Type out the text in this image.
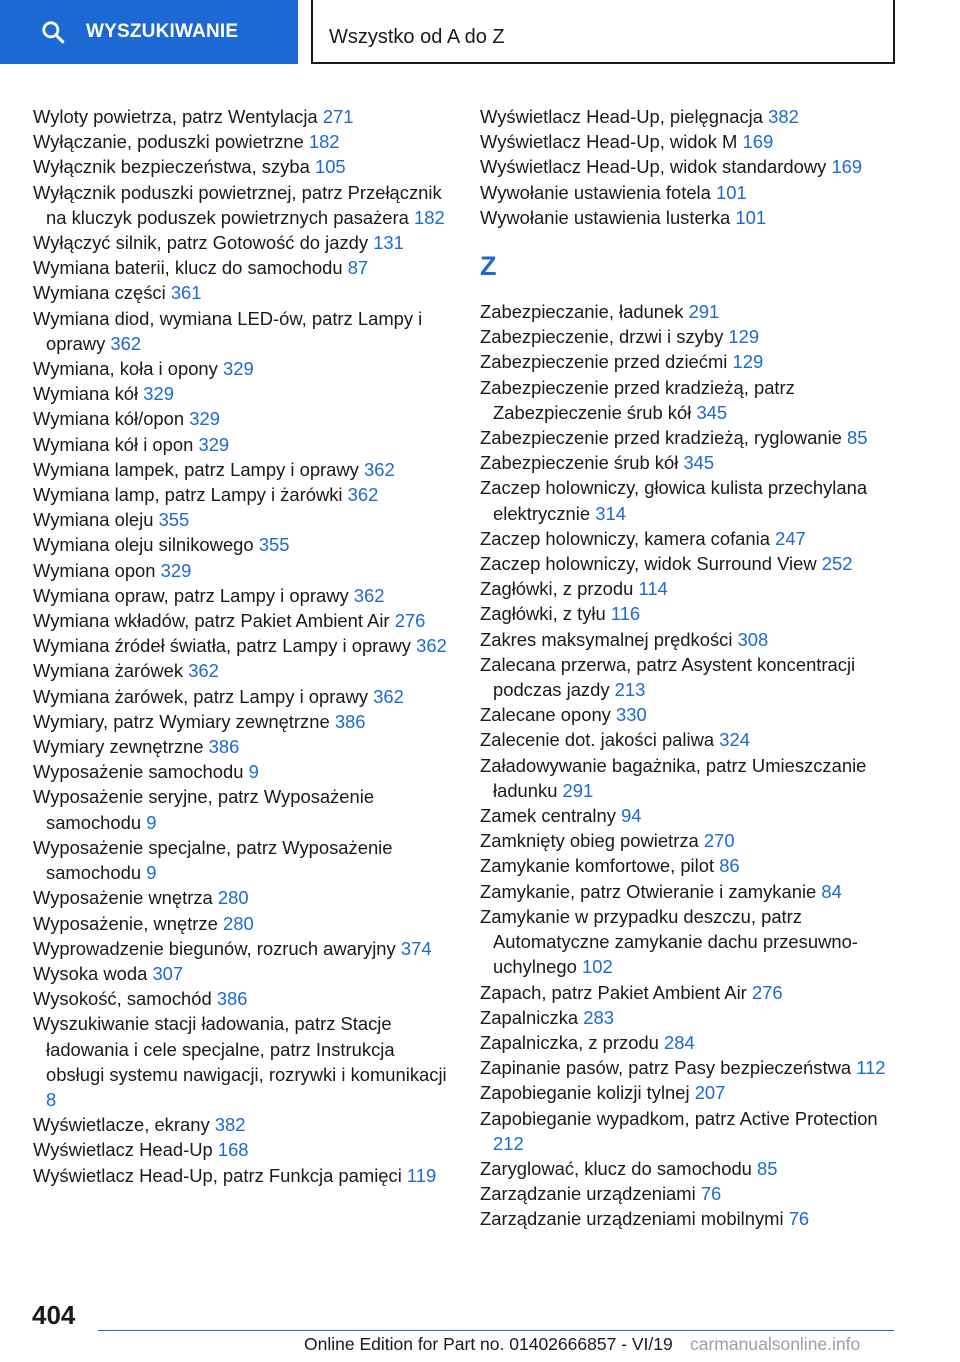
WYSZUKIWANIE	Wszystko od A do Z
Wyloty powietrza, patrz Wentylacja 271
Wyłączanie, poduszki powietrzne 182
Wyłącznik bezpieczeństwa, szyba 105
Wyłącznik poduszki powietrznej, patrz Przełącznik na kluczyk poduszek powietrznych pasażera 182
Wyłączyć silnik, patrz Gotowość do jazdy 131
Wymiana baterii, klucz do samochodu 87
Wymiana części 361
Wymiana diod, wymiana LED-ów, patrz Lampy i oprawy 362
Wymiana, koła i opony 329
Wymiana kół 329
Wymiana kół/opon 329
Wymiana kół i opon 329
Wymiana lampek, patrz Lampy i oprawy 362
Wymiana lamp, patrz Lampy i żarówki 362
Wymiana oleju 355
Wymiana oleju silnikowego 355
Wymiana opon 329
Wymiana opraw, patrz Lampy i oprawy 362
Wymiana wkładów, patrz Pakiet Ambient Air 276
Wymiana źródeł światła, patrz Lampy i oprawy 362
Wymiana żarówek 362
Wymiana żarówek, patrz Lampy i oprawy 362
Wymiary, patrz Wymiary zewnętrzne 386
Wymiary zewnętrzne 386
Wyposażenie samochodu 9
Wyposażenie seryjne, patrz Wyposażenie samochodu 9
Wyposażenie specjalne, patrz Wyposażenie samochodu 9
Wyposażenie wnętrza 280
Wyposażenie, wnętrze 280
Wyprowadzenie biegunów, rozruch awaryjny 374
Wysoka woda 307
Wysokość, samochód 386
Wyszukiwanie stacji ładowania, patrz Stacje ładowania i cele specjalne, patrz Instrukcja obsługi systemu nawigacji, rozrywki i komunikacji 8
Wyświetlacze, ekrany 382
Wyświetlacz Head-Up 168
Wyświetlacz Head-Up, patrz Funkcja pamięci 119
Wyświetlacz Head-Up, pielęgnacja 382
Wyświetlacz Head-Up, widok M 169
Wyświetlacz Head-Up, widok standardowy 169
Wywołanie ustawienia fotela 101
Wywołanie ustawienia lusterka 101
Z
Zabezpieczanie, ładunek 291
Zabezpieczenie, drzwi i szyby 129
Zabezpieczenie przed dziećmi 129
Zabezpieczenie przed kradzieżą, patrz Zabezpieczenie śrub kół 345
Zabezpieczenie przed kradzieżą, ryglowanie 85
Zabezpieczenie śrub kół 345
Zaczep holowniczy, głowica kulista przechylana elektrycznie 314
Zaczep holowniczy, kamera cofania 247
Zaczep holowniczy, widok Surround View 252
Zagłówki, z przodu 114
Zagłówki, z tyłu 116
Zakres maksymalnej prędkości 308
Zalecana przerwa, patrz Asystent koncentracji podczas jazdy 213
Zalecane opony 330
Zalecenie dot. jakości paliwa 324
Załadowywanie bagażnika, patrz Umieszczanie ładunku 291
Zamek centralny 94
Zamknięty obieg powietrza 270
Zamykanie komfortowe, pilot 86
Zamykanie, patrz Otwieranie i zamykanie 84
Zamykanie w przypadku deszczu, patrz Automatyczne zamykanie dachu przesuwno-uchylnego 102
Zapach, patrz Pakiet Ambient Air 276
Zapalniczka 283
Zapalniczka, z przodu 284
Zapinanie pasów, patrz Pasy bezpieczeństwa 112
Zapobieganie kolizji tylnej 207
Zapobieganie wypadkom, patrz Active Protection 212
Zaryglować, klucz do samochodu 85
Zarządzanie urządzeniami 76
Zarządzanie urządzeniami mobilnymi 76
404
Online Edition for Part no. 01402666857 - VI/19 carmanualsonline.info
